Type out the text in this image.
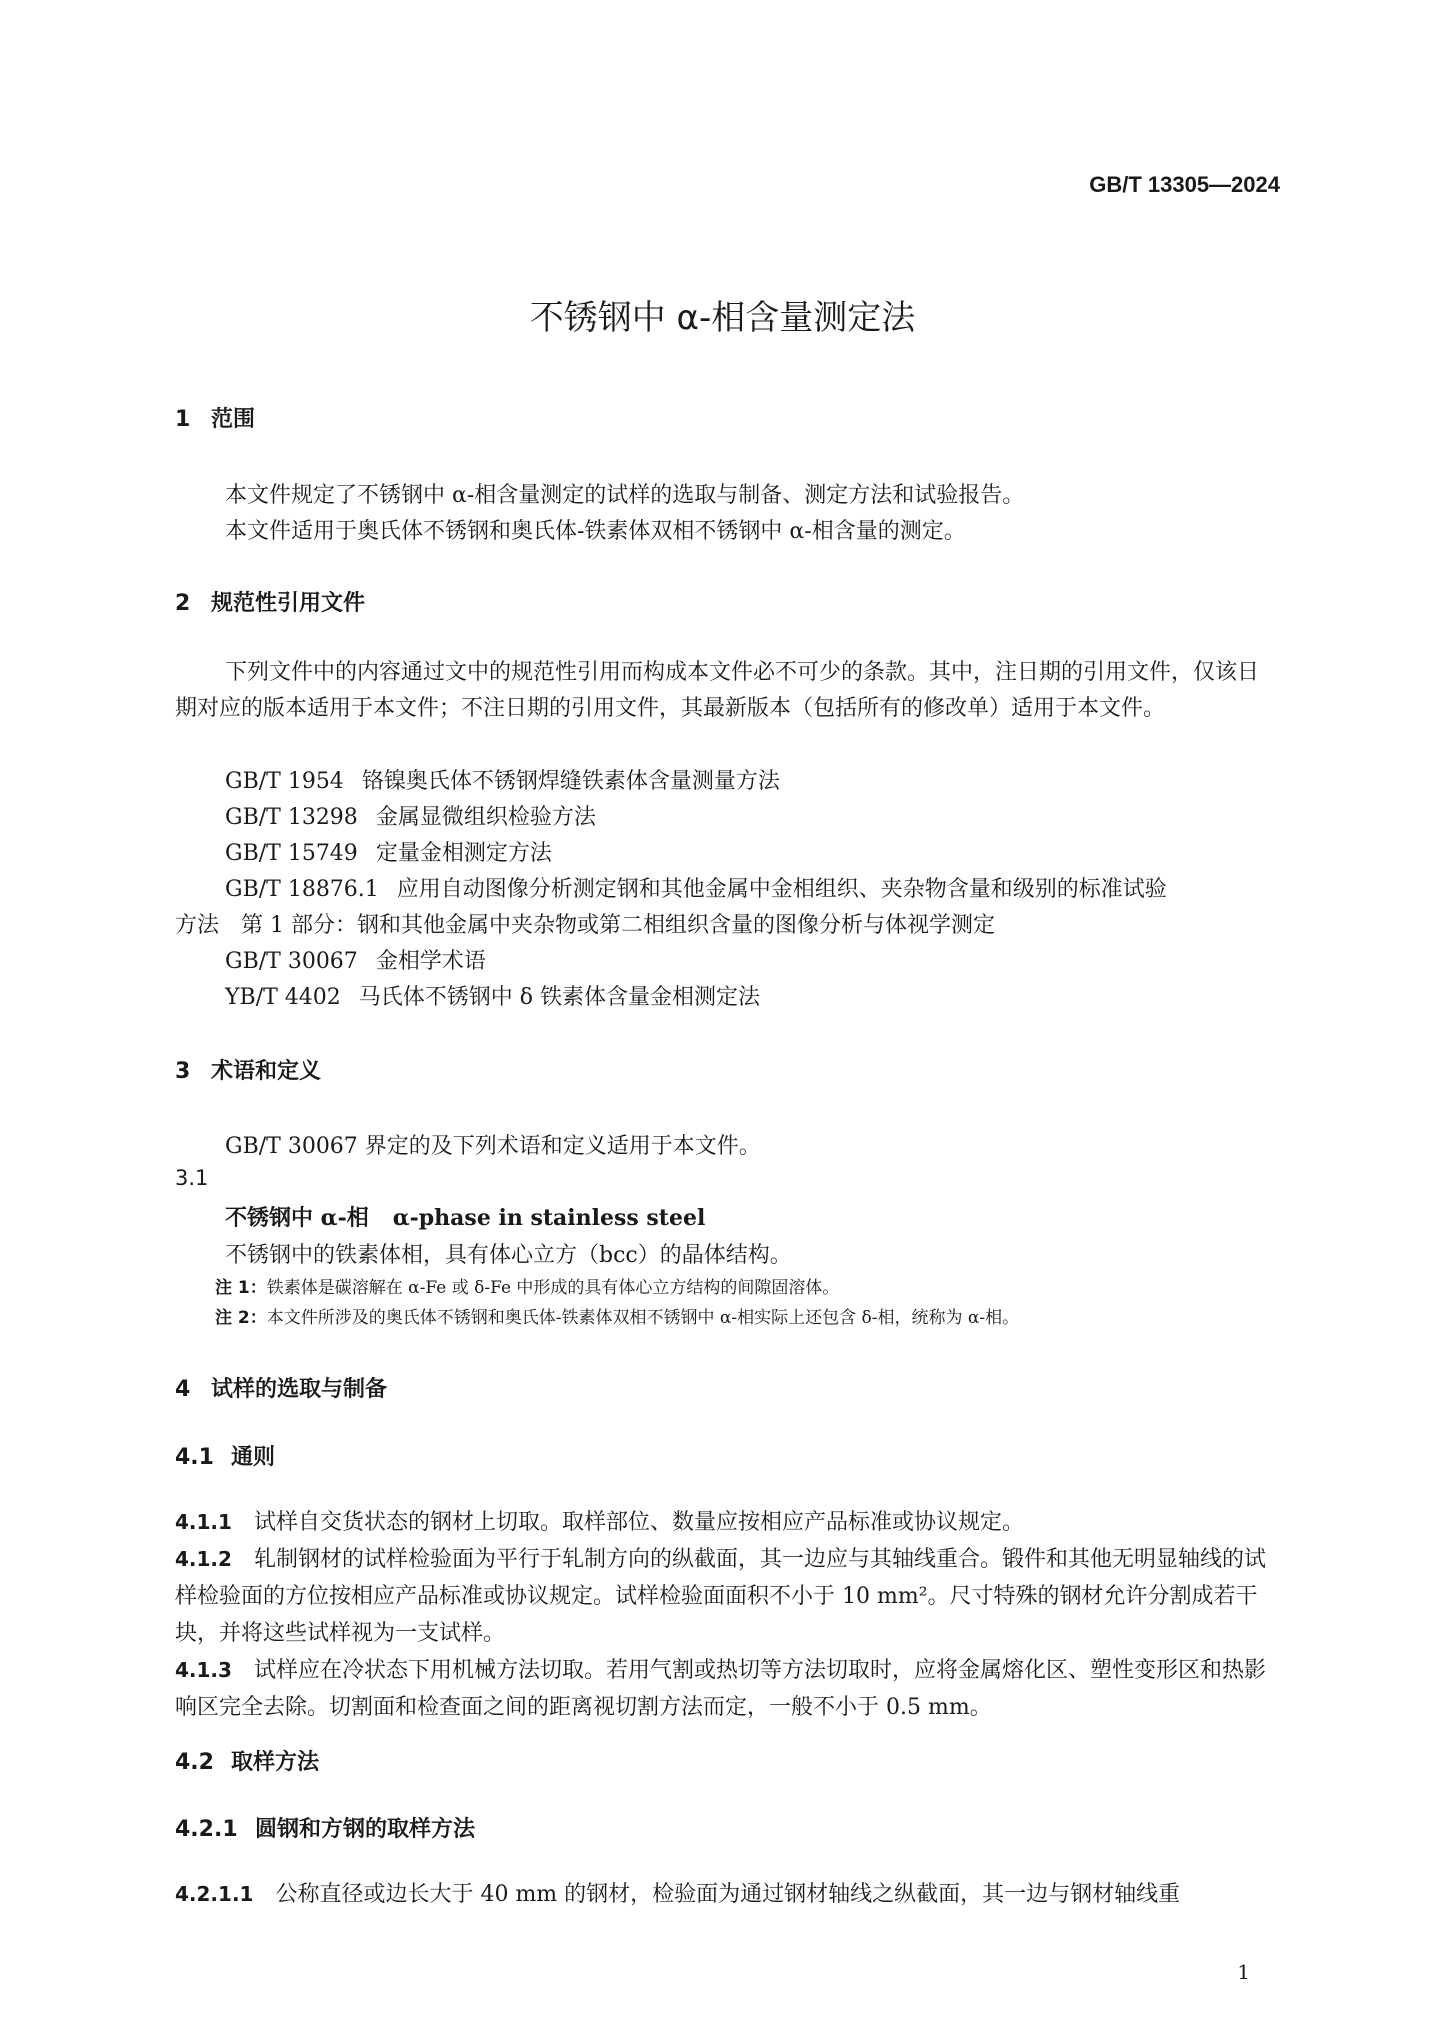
GB/T 13305—2024
不锈钢中 α-相含量测定法
1 范围
本文件规定了不锈钢中 α-相含量测定的试样的选取与制备、测定方法和试验报告。
本文件适用于奥氏体不锈钢和奥氏体-铁素体双相不锈钢中 α-相含量的测定。
2 规范性引用文件
下列文件中的内容通过文中的规范性引用而构成本文件必不可少的条款。其中，注日期的引用文件，仅该日期对应的版本适用于本文件；不注日期的引用文件，其最新版本（包括所有的修改单）适用于本文件。
GB/T 1954 铬镍奥氏体不锈钢焊缝铁素体含量测量方法
GB/T 13298 金属显微组织检验方法
GB/T 15749 定量金相测定方法
GB/T 18876.1 应用自动图像分析测定钢和其他金属中金相组织、夹杂物含量和级别的标准试验
方法　第 1 部分：钢和其他金属中夹杂物或第二相组织含量的图像分析与体视学测定
GB/T 30067 金相学术语
YB/T 4402 马氏体不锈钢中 δ 铁素体含量金相测定法
3 术语和定义
GB/T 30067 界定的及下列术语和定义适用于本文件。
3.1
不锈钢中 α-相 α-phase in stainless steel
不锈钢中的铁素体相，具有体心立方（bcc）的晶体结构。
注 1：铁素体是碳溶解在 α-Fe 或 δ-Fe 中形成的具有体心立方结构的间隙固溶体。
注 2：本文件所涉及的奥氏体不锈钢和奥氏体-铁素体双相不锈钢中 α-相实际上还包含 δ-相，统称为 α-相。
4 试样的选取与制备
4.1 通则
4.1.1 试样自交货状态的钢材上切取。取样部位、数量应按相应产品标准或协议规定。
4.1.2 轧制钢材的试样检验面为平行于轧制方向的纵截面，其一边应与其轴线重合。锻件和其他无明显轴线的试样检验面的方位按相应产品标准或协议规定。试样检验面面积不小于 10 mm²。尺寸特殊的钢材允许分割成若干块，并将这些试样视为一支试样。
4.1.3 试样应在冷状态下用机械方法切取。若用气割或热切等方法切取时，应将金属熔化区、塑性变形区和热影响区完全去除。切割面和检查面之间的距离视切割方法而定，一般不小于 0.5 mm。
4.2 取样方法
4.2.1 圆钢和方钢的取样方法
4.2.1.1 公称直径或边长大于 40 mm 的钢材，检验面为通过钢材轴线之纵截面，其一边与钢材轴线重
1
